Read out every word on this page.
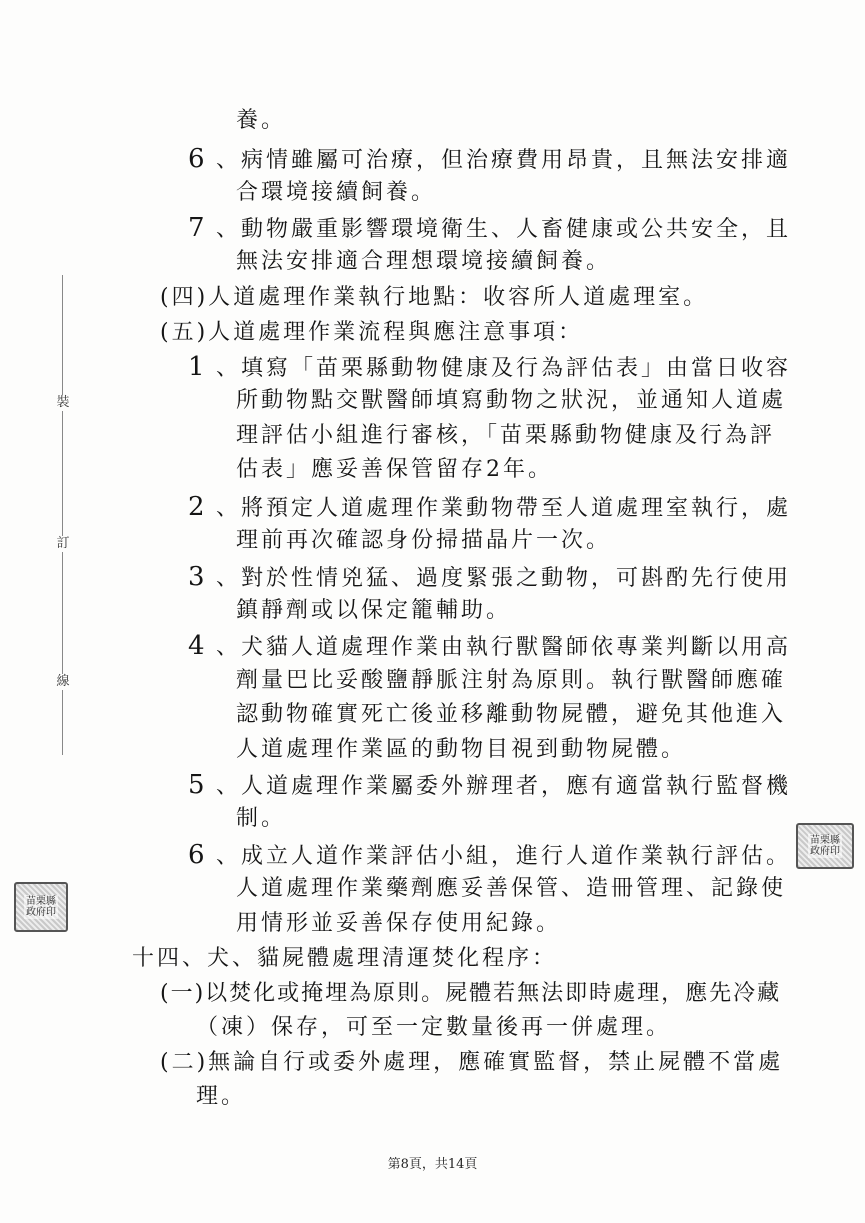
裝
訂
線
養。
6 、病情雖屬可治療，但治療費用昂貴，且無法安排適
合環境接續飼養。
7 、動物嚴重影響環境衛生、人畜健康或公共安全，且
無法安排適合理想環境接續飼養。
(四)人道處理作業執行地點：收容所人道處理室。
(五)人道處理作業流程與應注意事項：
1 、填寫「苗栗縣動物健康及行為評估表」由當日收容
所動物點交獸醫師填寫動物之狀況，並通知人道處
理評估小組進行審核，「苗栗縣動物健康及行為評
估表」應妥善保管留存2年。
2 、將預定人道處理作業動物帶至人道處理室執行，處
理前再次確認身份掃描晶片一次。
3 、對於性情兇猛、過度緊張之動物，可斟酌先行使用
鎮靜劑或以保定籠輔助。
4 、犬貓人道處理作業由執行獸醫師依專業判斷以用高
劑量巴比妥酸鹽靜脈注射為原則。執行獸醫師應確
認動物確實死亡後並移離動物屍體，避免其他進入
人道處理作業區的動物目視到動物屍體。
5 、人道處理作業屬委外辦理者，應有適當執行監督機
制。
6 、成立人道作業評估小組，進行人道作業執行評估。
人道處理作業藥劑應妥善保管、造冊管理、記錄使
用情形並妥善保存使用紀錄。
十四、犬、貓屍體處理清運焚化程序：
(一)以焚化或掩埋為原則。屍體若無法即時處理，應先冷藏
（凍）保存，可至一定數量後再一併處理。
(二)無論自行或委外處理，應確實監督，禁止屍體不當處
理。
苗栗縣
政府印
苗栗縣
政府印
第8頁，共14頁
